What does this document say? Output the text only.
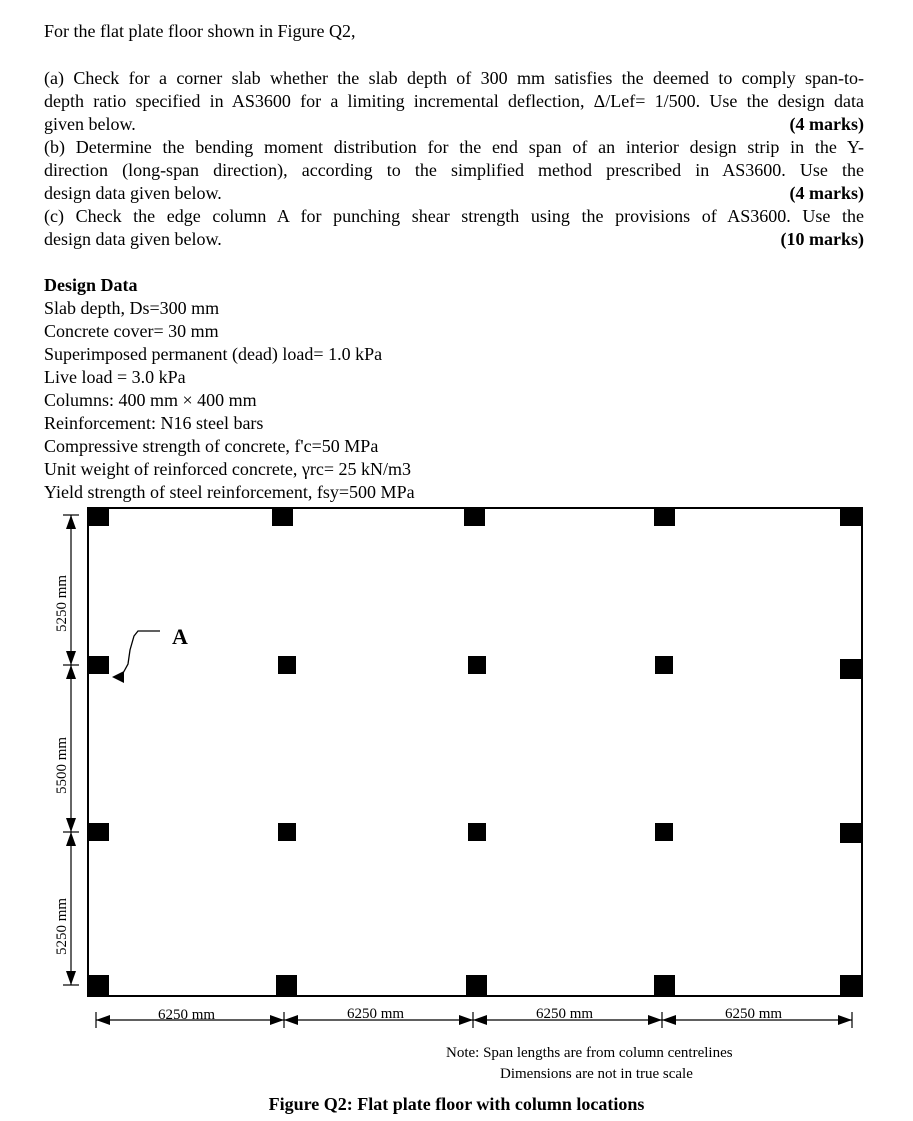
For the flat plate floor shown in Figure Q2,
(a) Check for a corner slab whether the slab depth of 300 mm satisfies the deemed to comply span-to-
depth ratio specified in AS3600 for a limiting incremental deflection, Δ/Lef= 1/500. Use the design data
given below.	(4 marks)
(b) Determine the bending moment distribution for the end span of an interior design strip in the Y-
direction (long-span direction), according to the simplified method prescribed in AS3600. Use the
design data given below.	(4 marks)
(c) Check the edge column A for punching shear strength using the provisions of AS3600. Use the
design data given below.	(10 marks)
Design Data
Slab depth, Ds=300 mm
Concrete cover= 30 mm
Superimposed permanent (dead) load= 1.0 kPa
Live load = 3.0 kPa
Columns: 400 mm × 400 mm
Reinforcement: N16 steel bars
Compressive strength of concrete, f'c=50 MPa
Unit weight of reinforced concrete, γrc= 25 kN/m3
Yield strength of steel reinforcement, fsy=500 MPa
A
5250 mm
5500 mm
5250 mm
6250 mm	6250 mm	6250 mm	6250 mm
Note: Span lengths are from column centrelines
Dimensions are not in true scale
Figure Q2: Flat plate floor with column locations
